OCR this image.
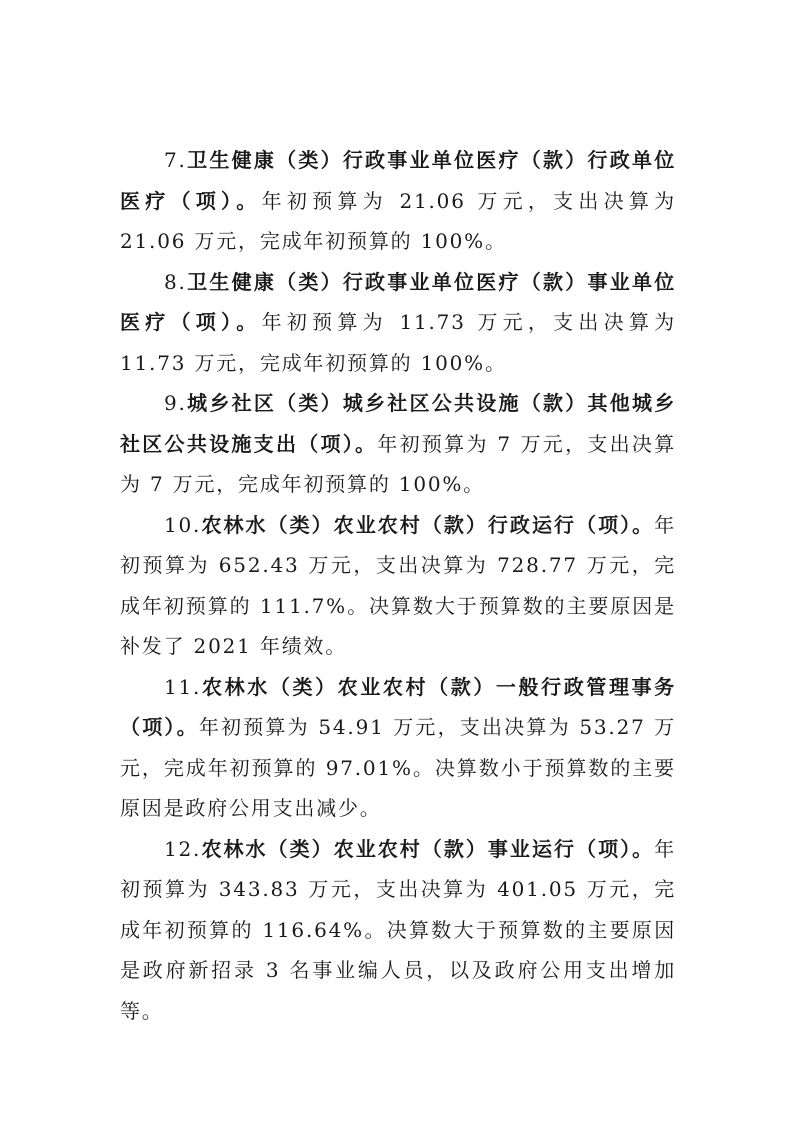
7.卫生健康（类）行政事业单位医疗（款）行政单位医疗（项）。年初预算为 21.06 万元，支出决算为 21.06 万元，完成年初预算的 100%。

8.卫生健康（类）行政事业单位医疗（款）事业单位医疗（项）。年初预算为 11.73 万元，支出决算为 11.73 万元，完成年初预算的 100%。

9.城乡社区（类）城乡社区公共设施（款）其他城乡社区公共设施支出（项）。年初预算为 7 万元，支出决算为 7 万元，完成年初预算的 100%。

10.农林水（类）农业农村（款）行政运行（项）。年初预算为 652.43 万元，支出决算为 728.77 万元，完成年初预算的 111.7%。决算数大于预算数的主要原因是补发了 2021 年绩效。

11.农林水（类）农业农村（款）一般行政管理事务（项）。年初预算为 54.91 万元，支出决算为 53.27 万元，完成年初预算的 97.01%。决算数小于预算数的主要原因是政府公用支出减少。

12.农林水（类）农业农村（款）事业运行（项）。年初预算为 343.83 万元，支出决算为 401.05 万元，完成年初预算的 116.64%。决算数大于预算数的主要原因是政府新招录 3 名事业编人员，以及政府公用支出增加等。
